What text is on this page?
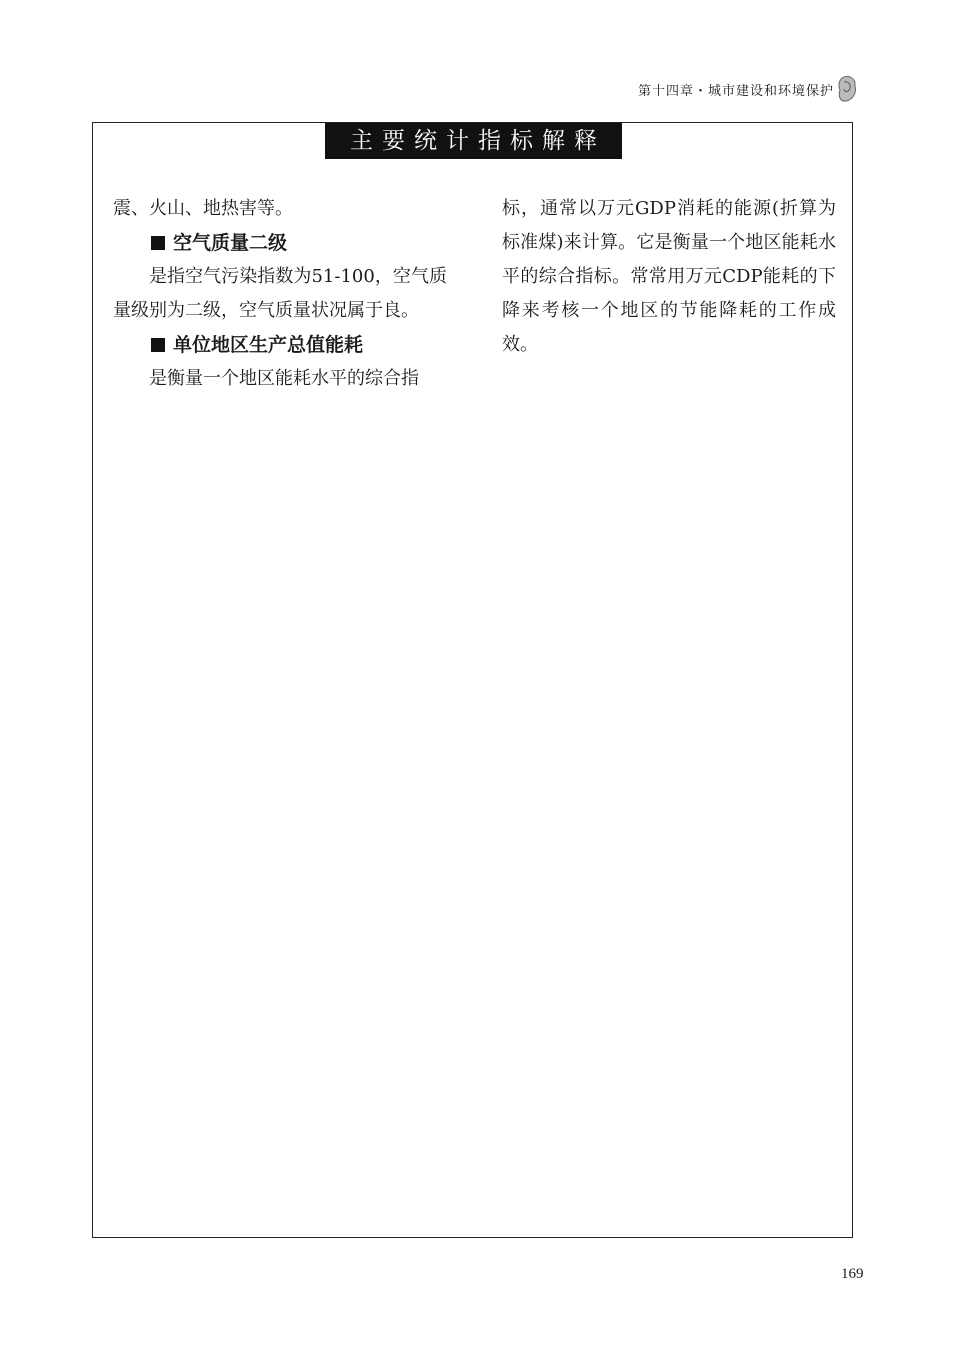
第十四章・城市建设和环境保护
主要统计指标解释

震、火山、地热害等。

空气质量二级

是指空气污染指数为51-100，空气质量级别为二级，空气质量状况属于良。

单位地区生产总值能耗

是衡量一个地区能耗水平的综合指

标，通常以万元GDP消耗的能源(折算为标准煤)来计算。它是衡量一个地区能耗水平的综合指标。常常用万元CDP能耗的下降来考核一个地区的节能降耗的工作成效。

169
